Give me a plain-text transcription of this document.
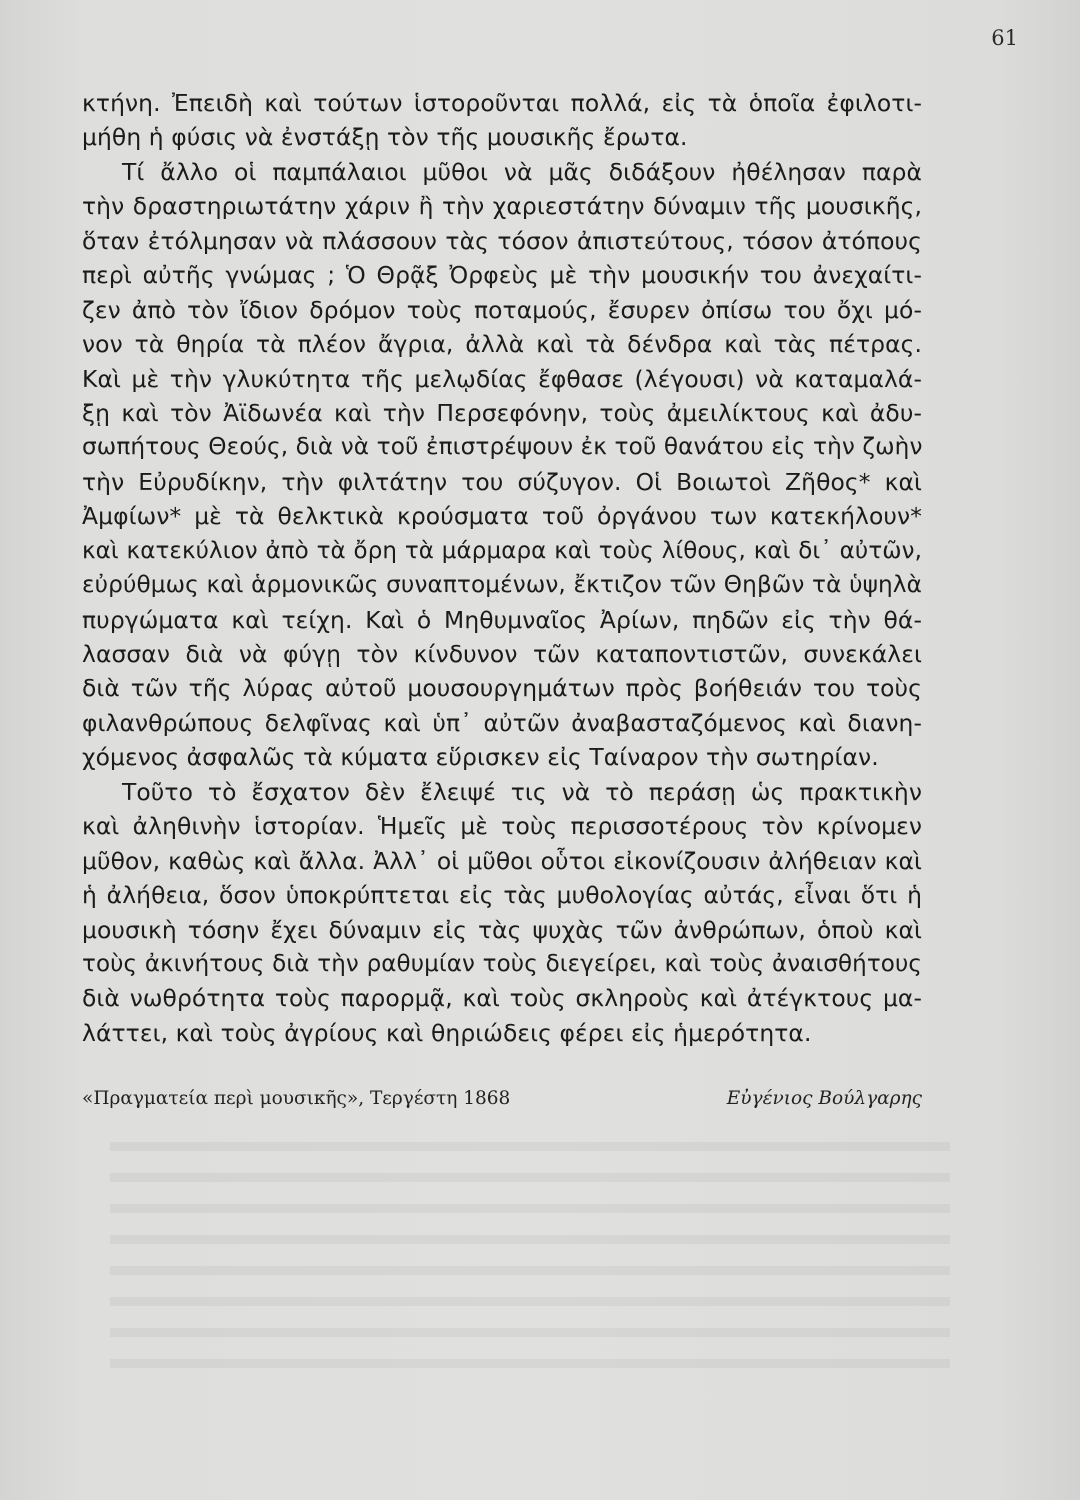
61
κτήνη. Ἐπειδὴ καὶ τούτων ἱστοροῦνται πολλά, εἰς τὰ ὁποῖα ἐφιλοτι-
μήθη ἡ φύσις νὰ ἐνστάξῃ τὸν τῆς μουσικῆς ἔρωτα.
Τί ἄλλο οἱ παμπάλαιοι μῦθοι νὰ μᾶς διδάξουν ἠθέλησαν παρὰ
τὴν δραστηριωτάτην χάριν ἢ τὴν χαριεστάτην δύναμιν τῆς μουσικῆς,
ὅταν ἐτόλμησαν νὰ πλάσσουν τὰς τόσον ἀπιστεύτους, τόσον ἀτόπους
περὶ αὐτῆς γνώμας ; Ὁ Θρᾷξ Ὀρφεὺς μὲ τὴν μουσικήν του ἀνεχαίτι-
ζεν ἀπὸ τὸν ἴδιον δρόμον τοὺς ποταμούς, ἔσυρεν ὀπίσω του ὄχι μό-
νον τὰ θηρία τὰ πλέον ἄγρια, ἀλλὰ καὶ τὰ δένδρα καὶ τὰς πέτρας.
Καὶ μὲ τὴν γλυκύτητα τῆς μελῳδίας ἔφθασε (λέγουσι) νὰ καταμαλά-
ξῃ καὶ τὸν Ἀϊδωνέα καὶ τὴν Περσεφόνην, τοὺς ἀμειλίκτους καὶ ἀδυ-
σωπήτους Θεούς, διὰ νὰ τοῦ ἐπιστρέψουν ἐκ τοῦ θανάτου εἰς τὴν ζωὴν
τὴν Εὐρυδίκην, τὴν φιλτάτην του σύζυγον. Οἱ Βοιωτοὶ Ζῆθος* καὶ
Ἀμφίων* μὲ τὰ θελκτικὰ κρούσματα τοῦ ὀργάνου των κατεκήλουν*
καὶ κατεκύλιον ἀπὸ τὰ ὄρη τὰ μάρμαρα καὶ τοὺς λίθους, καὶ δι᾽ αὐτῶν,
εὐρύθμως καὶ ἁρμονικῶς συναπτομένων, ἔκτιζον τῶν Θηβῶν τὰ ὑψηλὰ
πυργώματα καὶ τείχη. Καὶ ὁ Μηθυμναῖος Ἀρίων, πηδῶν εἰς τὴν θά-
λασσαν διὰ νὰ φύγῃ τὸν κίνδυνον τῶν καταποντιστῶν, συνεκάλει
διὰ τῶν τῆς λύρας αὐτοῦ μουσουργημάτων πρὸς βοήθειάν του τοὺς
φιλανθρώπους δελφῖνας καὶ ὑπ᾽ αὐτῶν ἀναβασταζόμενος καὶ διανη-
χόμενος ἀσφαλῶς τὰ κύματα εὕρισκεν εἰς Ταίναρον τὴν σωτηρίαν.
Τοῦτο τὸ ἔσχατον δὲν ἔλειψέ τις νὰ τὸ περάσῃ ὡς πρακτικὴν
καὶ ἀληθινὴν ἱστορίαν. Ἡμεῖς μὲ τοὺς περισσοτέρους τὸν κρίνομεν
μῦθον, καθὼς καὶ ἄλλα. Ἀλλ᾽ οἱ μῦθοι οὗτοι εἰκονίζουσιν ἀλήθειαν καὶ
ἡ ἀλήθεια, ὅσον ὑποκρύπτεται εἰς τὰς μυθολογίας αὐτάς, εἶναι ὅτι ἡ
μουσικὴ τόσην ἔχει δύναμιν εἰς τὰς ψυχὰς τῶν ἀνθρώπων, ὁποὺ καὶ
τοὺς ἀκινήτους διὰ τὴν ραθυμίαν τοὺς διεγείρει, καὶ τοὺς ἀναισθήτους
διὰ νωθρότητα τοὺς παρορμᾷ, καὶ τοὺς σκληροὺς καὶ ἀτέγκτους μα-
λάττει, καὶ τοὺς ἀγρίους καὶ θηριώδεις φέρει εἰς ἡμερότητα.
«Πραγματεία περὶ μουσικῆς», Τεργέστη 1868	Εὐγένιος Βούλγαρης
